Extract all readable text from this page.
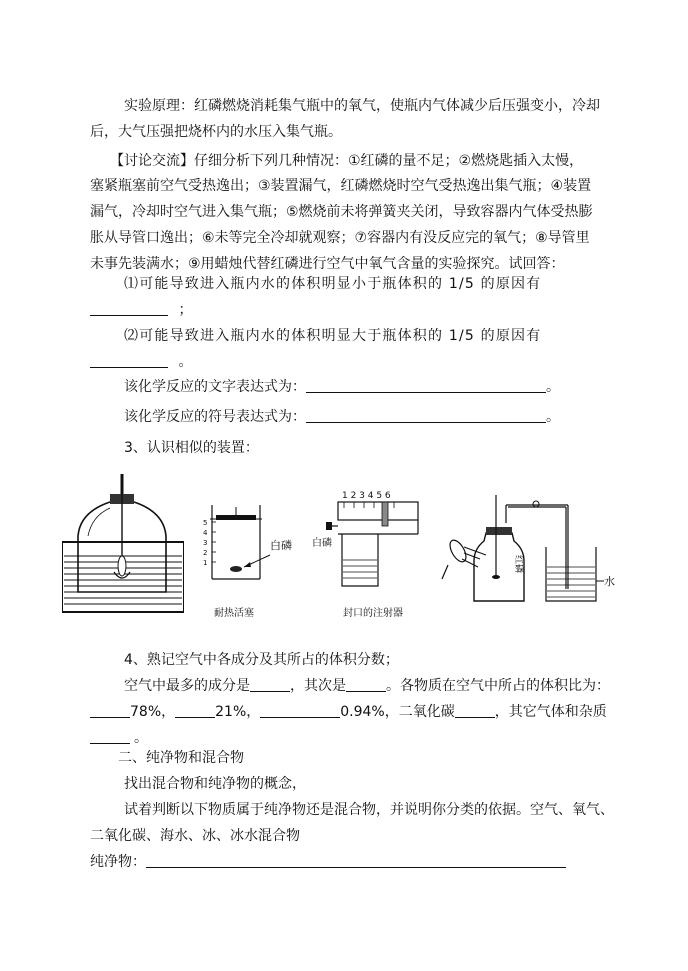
实验原理：红磷燃烧消耗集气瓶中的氧气，使瓶内气体减少后压强变小，冷却
后，大气压强把烧杯内的水压入集气瓶。
【讨论交流】仔细分析下列几种情况：①红磷的量不足；②燃烧匙插入太慢，
塞紧瓶塞前空气受热逸出；③装置漏气，红磷燃烧时空气受热逸出集气瓶；④装置
漏气，冷却时空气进入集气瓶；⑤燃烧前未将弹簧夹关闭，导致容器内气体受热膨
胀从导管口逸出；⑥未等完全冷却就观察；⑦容器内有没反应完的氧气；⑧导管里
未事先装满水；⑨用蜡烛代替红磷进行空气中氧气含量的实验探究。试回答：
⑴可能导致进入瓶内水的体积明显小于瓶体积的 1/5 的原因有
；
⑵可能导致进入瓶内水的体积明显大于瓶体积的 1/5 的原因有
。
该化学反应的文字表达式为：	。
该化学反应的符号表达式为：	。
3、认识相似的装置：
5
4
3
2
1
白磷
耐热活塞
1 2 3 4 5 6
白磷
封口的注射器
水
红磷
4、熟记空气中各成分及其所占的体积分数；
空气中最多的成分是	，其次是	。各物质在空气中所占的体积比为：
78%，	21%，	0.94%，二氧化碳	，其它气体和杂质
。
二、纯净物和混合物
找出混合物和纯净物的概念，
试着判断以下物质属于纯净物还是混合物，并说明你分类的依据。空气、氧气、
二氧化碳、海水、冰、冰水混合物
纯净物：
